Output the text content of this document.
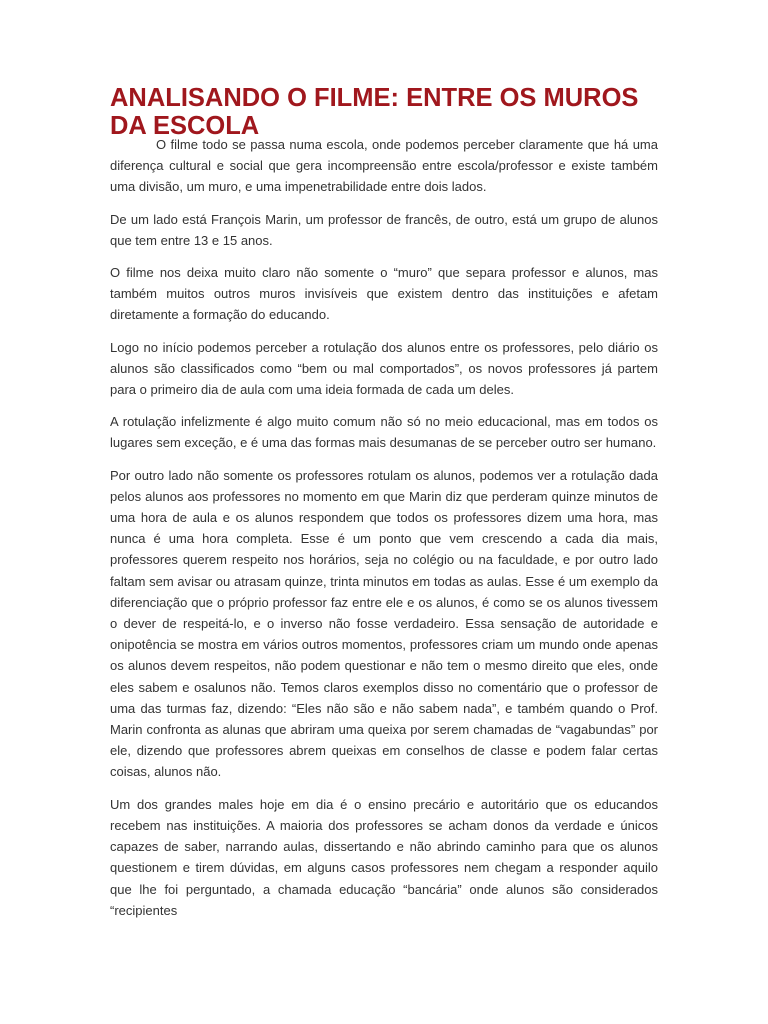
ANALISANDO O FILME: ENTRE OS MUROS DA ESCOLA

O filme todo se passa numa escola, onde podemos perceber claramente que há uma diferença cultural e social que gera incompreensão entre escola/professor e existe também uma divisão, um muro, e uma impenetrabilidade entre dois lados.

De um lado está François Marin, um professor de francês, de outro, está um grupo de alunos que tem entre 13 e 15 anos.

O filme nos deixa muito claro não somente o “muro” que separa professor e alunos, mas também muitos outros muros invisíveis que existem dentro das instituições e afetam diretamente a formação do educando.

Logo no início podemos perceber a rotulação dos alunos entre os professores, pelo diário os alunos são classificados como “bem ou mal comportados”, os novos professores já partem para o primeiro dia de aula com uma ideia formada de cada um deles.

A rotulação infelizmente é algo muito comum não só no meio educacional, mas em todos os lugares sem exceção, e é uma das formas mais desumanas de se perceber outro ser humano.

Por outro lado não somente os professores rotulam os alunos, podemos ver a rotulação dada pelos alunos aos professores no momento em que Marin diz que perderam quinze minutos de uma hora de aula e os alunos respondem que todos os professores dizem uma hora, mas nunca é uma hora completa. Esse é um ponto que vem crescendo a cada dia mais, professores querem respeito nos horários, seja no colégio ou na faculdade, e por outro lado faltam sem avisar ou atrasam quinze, trinta minutos em todas as aulas. Esse é um exemplo da diferenciação que o próprio professor faz entre ele e os alunos, é como se os alunos tivessem o dever de respeitá-lo, e o inverso não fosse verdadeiro. Essa sensação de autoridade e onipotência se mostra em vários outros momentos, professores criam um mundo onde apenas os alunos devem respeitos, não podem questionar e não tem o mesmo direito que eles, onde eles sabem e osalunos não. Temos claros exemplos disso no comentário que o professor de uma das turmas faz, dizendo: “Eles não são e não sabem nada”, e também quando o Prof. Marin confronta as alunas que abriram uma queixa por serem chamadas de “vagabundas” por ele, dizendo que professores abrem queixas em conselhos de classe e podem falar certas coisas, alunos não.

Um dos grandes males hoje em dia é o ensino precário e autoritário que os educandos recebem nas instituições. A maioria dos professores se acham donos da verdade e únicos capazes de saber, narrando aulas, dissertando e não abrindo caminho para que os alunos questionem e tirem dúvidas, em alguns casos professores nem chegam a responder aquilo que lhe foi perguntado, a chamada educação “bancária” onde alunos são considerados “recipientes
